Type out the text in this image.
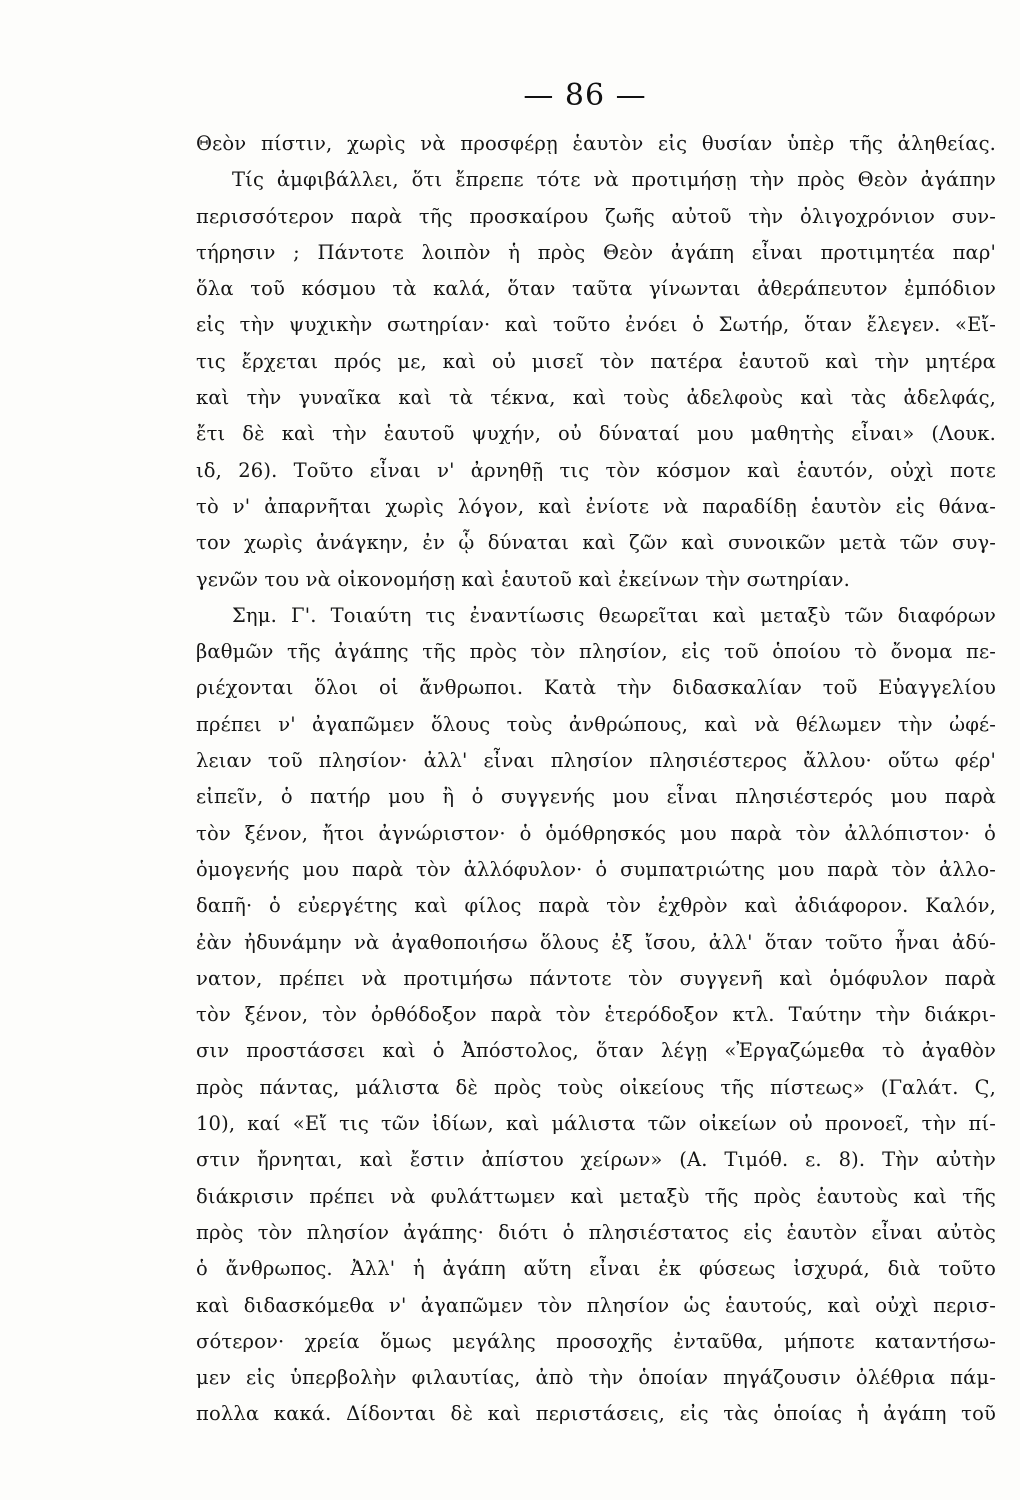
— 86 —
Θεὸν πίστιν, χωρὶς νὰ προσφέρῃ ἑαυτὸν εἰς θυσίαν ὑπὲρ τῆς ἀληθείας.
Τίς ἀμφιβάλλει, ὅτι ἔπρεπε τότε νὰ προτιμήσῃ τὴν πρὸς Θεὸν ἀγάπην
περισσότερον παρὰ τῆς προσκαίρου ζωῆς αὐτοῦ τὴν ὀλιγοχρόνιον συν-
τήρησιν ; Πάντοτε λοιπὸν ἡ πρὸς Θεὸν ἀγάπη εἶναι προτιμητέα παρ'
ὅλα τοῦ κόσμου τὰ καλά, ὅταν ταῦτα γίνωνται ἀθεράπευτον ἐμπόδιον
εἰς τὴν ψυχικὴν σωτηρίαν· καὶ τοῦτο ἐνόει ὁ Σωτήρ, ὅταν ἔλεγεν. «Εἴ-
τις ἔρχεται πρός με, καὶ οὐ μισεῖ τὸν πατέρα ἑαυτοῦ καὶ τὴν μητέρα
καὶ τὴν γυναῖκα καὶ τὰ τέκνα, καὶ τοὺς ἀδελφοὺς καὶ τὰς ἀδελφάς,
ἔτι δὲ καὶ τὴν ἑαυτοῦ ψυχήν, οὐ δύναταί μου μαθητὴς εἶναι» (Λουκ.
ιδ, 26). Τοῦτο εἶναι ν' ἀρνηθῇ τις τὸν κόσμον καὶ ἑαυτόν, οὐχὶ ποτε
τὸ ν' ἀπαρνῆται χωρὶς λόγον, καὶ ἐνίοτε νὰ παραδίδῃ ἑαυτὸν εἰς θάνα-
τον χωρὶς ἀνάγκην, ἐν ᾧ δύναται καὶ ζῶν καὶ συνοικῶν μετὰ τῶν συγ-
γενῶν του νὰ οἰκονομήσῃ καὶ ἑαυτοῦ καὶ ἐκείνων τὴν σωτηρίαν.
Σημ. Γ'. Τοιαύτη τις ἐναντίωσις θεωρεῖται καὶ μεταξὺ τῶν διαφόρων
βαθμῶν τῆς ἀγάπης τῆς πρὸς τὸν πλησίον, εἰς τοῦ ὁποίου τὸ ὄνομα πε-
ριέχονται ὅλοι οἱ ἄνθρωποι. Κατὰ τὴν διδασκαλίαν τοῦ Εὐαγγελίου
πρέπει ν' ἀγαπῶμεν ὅλους τοὺς ἀνθρώπους, καὶ νὰ θέλωμεν τὴν ὠφέ-
λειαν τοῦ πλησίον· ἀλλ' εἶναι πλησίον πλησιέστερος ἄλλου· οὕτω φέρ'
εἰπεῖν, ὁ πατήρ μου ἢ ὁ συγγενής μου εἶναι πλησιέστερός μου παρὰ
τὸν ξένον, ἤτοι ἀγνώριστον· ὁ ὁμόθρησκός μου παρὰ τὸν ἀλλόπιστον· ὁ
ὁμογενής μου παρὰ τὸν ἀλλόφυλον· ὁ συμπατριώτης μου παρὰ τὸν ἀλλο-
δαπῆ· ὁ εὐεργέτης καὶ φίλος παρὰ τὸν ἐχθρὸν καὶ ἀδιάφορον. Καλόν,
ἐὰν ἠδυνάμην νὰ ἀγαθοποιήσω ὅλους ἐξ ἴσου, ἀλλ' ὅταν τοῦτο ἦναι ἀδύ-
νατον, πρέπει νὰ προτιμήσω πάντοτε τὸν συγγενῆ καὶ ὁμόφυλον παρὰ
τὸν ξένον, τὸν ὀρθόδοξον παρὰ τὸν ἑτερόδοξον κτλ. Ταύτην τὴν διάκρι-
σιν προστάσσει καὶ ὁ Ἀπόστολος, ὅταν λέγῃ «Ἐργαζώμεθα τὸ ἀγαθὸν
πρὸς πάντας, μάλιστα δὲ πρὸς τοὺς οἰκείους τῆς πίστεως» (Γαλάτ. Ϛ,
10), καί «Εἴ τις τῶν ἰδίων, καὶ μάλιστα τῶν οἰκείων οὐ προνοεῖ, τὴν πί-
στιν ἤρνηται, καὶ ἔστιν ἀπίστου χείρων» (Α. Τιμόθ. ε. 8). Τὴν αὐτὴν
διάκρισιν πρέπει νὰ φυλάττωμεν καὶ μεταξὺ τῆς πρὸς ἑαυτοὺς καὶ τῆς
πρὸς τὸν πλησίον ἀγάπης· διότι ὁ πλησιέστατος εἰς ἑαυτὸν εἶναι αὐτὸς
ὁ ἄνθρωπος. Ἀλλ' ἡ ἀγάπη αὕτη εἶναι ἐκ φύσεως ἰσχυρά, διὰ τοῦτο
καὶ διδασκόμεθα ν' ἀγαπῶμεν τὸν πλησίον ὡς ἑαυτούς, καὶ οὐχὶ περισ-
σότερον· χρεία ὅμως μεγάλης προσοχῆς ἐνταῦθα, μήποτε καταντήσω-
μεν εἰς ὑπερβολὴν φιλαυτίας, ἀπὸ τὴν ὁποίαν πηγάζουσιν ὀλέθρια πάμ-
πολλα κακά. Δίδονται δὲ καὶ περιστάσεις, εἰς τὰς ὁποίας ἡ ἀγάπη τοῦ
